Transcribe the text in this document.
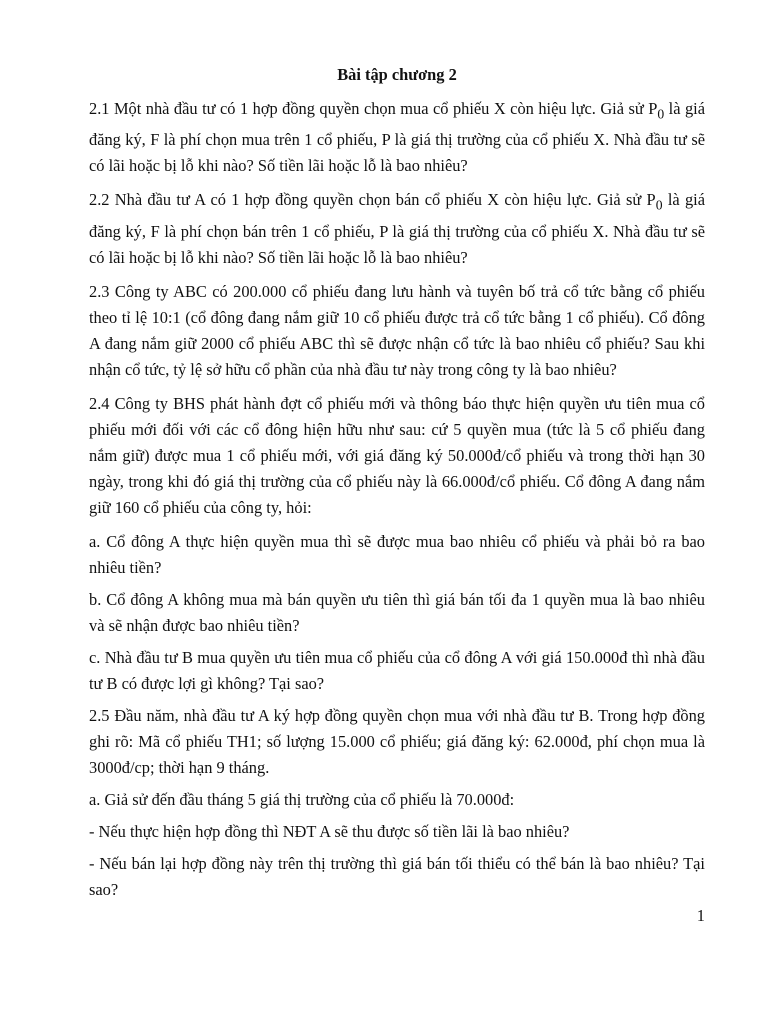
Bài tập chương 2
2.1 Một nhà đầu tư có 1 hợp đồng quyền chọn mua cổ phiếu X còn hiệu lực. Giả sử $P_0$ là giá đăng ký, F là phí chọn mua trên 1 cổ phiếu, P là giá thị trường của cổ phiếu X. Nhà đầu tư sẽ có lãi hoặc bị lỗ khi nào? Số tiền lãi hoặc lỗ là bao nhiêu?
2.2 Nhà đầu tư A có 1 hợp đồng quyền chọn bán cổ phiếu X còn hiệu lực. Giả sử $P_0$ là giá đăng ký, F là phí chọn bán trên 1 cổ phiếu, P là giá thị trường của cổ phiếu X. Nhà đầu tư sẽ có lãi hoặc bị lỗ khi nào? Số tiền lãi hoặc lỗ là bao nhiêu?
2.3 Công ty ABC có 200.000 cổ phiếu đang lưu hành và tuyên bố trả cổ tức bằng cổ phiếu theo tỉ lệ 10:1 (cổ đông đang nắm giữ 10 cổ phiếu được trả cổ tức bằng 1 cổ phiếu). Cổ đông A đang nắm giữ 2000 cổ phiếu ABC thì sẽ được nhận cổ tức là bao nhiêu cổ phiếu? Sau khi nhận cổ tức, tỷ lệ sở hữu cổ phần của nhà đầu tư này trong công ty là bao nhiêu?
2.4 Công ty BHS phát hành đợt cổ phiếu mới và thông báo thực hiện quyền ưu tiên mua cổ phiếu mới đối với các cổ đông hiện hữu như sau: cứ 5 quyền mua (tức là 5 cổ phiếu đang nắm giữ) được mua 1 cổ phiếu mới, với giá đăng ký 50.000đ/cổ phiếu và trong thời hạn 30 ngày, trong khi đó giá thị trường của cổ phiếu này là 66.000đ/cổ phiếu. Cổ đông A đang nắm giữ 160 cổ phiếu của công ty, hỏi:
a. Cổ đông A thực hiện quyền mua thì sẽ được mua bao nhiêu cổ phiếu và phải bỏ ra bao nhiêu tiền?
b. Cổ đông A không mua mà bán quyền ưu tiên thì giá bán tối đa 1 quyền mua là bao nhiêu và sẽ nhận được bao nhiêu tiền?
c. Nhà đầu tư B mua quyền ưu tiên mua cổ phiếu của cổ đông A với giá 150.000đ thì nhà đầu tư B có được lợi gì không? Tại sao?
2.5 Đầu năm, nhà đầu tư A ký hợp đồng quyền chọn mua với nhà đầu tư B. Trong hợp đồng ghi rõ: Mã cổ phiếu TH1; số lượng 15.000 cổ phiếu; giá đăng ký: 62.000đ, phí chọn mua là 3000đ/cp; thời hạn 9 tháng.
a. Giả sử đến đầu tháng 5 giá thị trường của cổ phiếu là 70.000đ:
- Nếu thực hiện hợp đồng thì NĐT A sẽ thu được số tiền lãi là bao nhiêu?
- Nếu bán lại hợp đồng này trên thị trường thì giá bán tối thiểu có thể bán là bao nhiêu? Tại sao?
1
